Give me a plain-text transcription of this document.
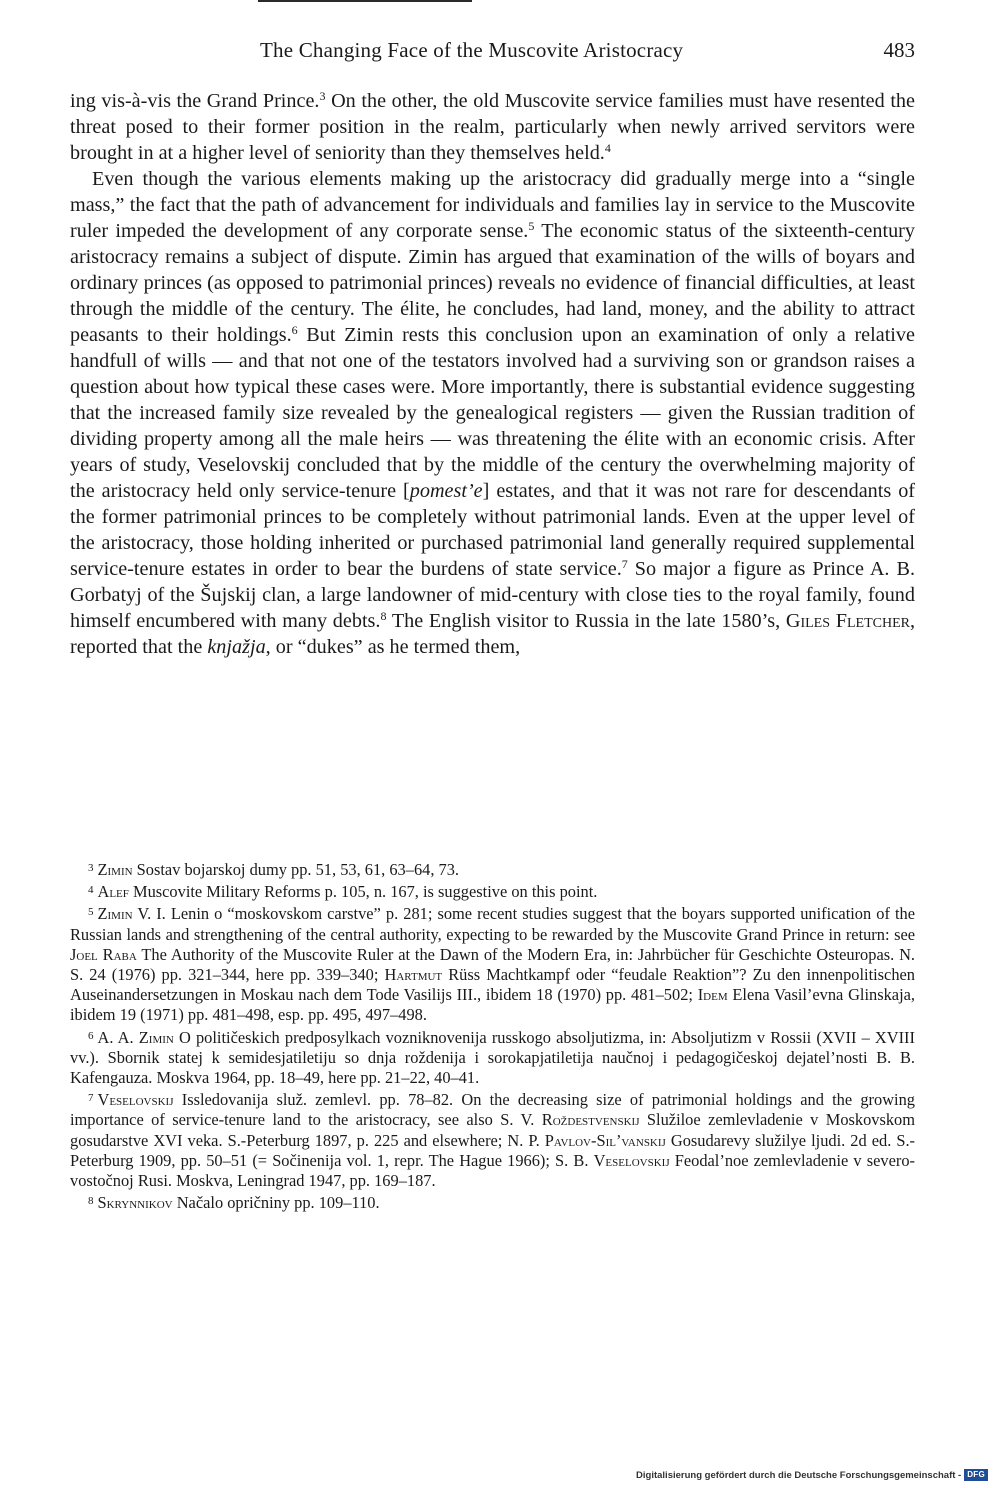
The Changing Face of the Muscovite Aristocracy	483

ing vis-à-vis the Grand Prince.$^3$ On the other, the old Muscovite service families must have resented the threat posed to their former position in the realm, particularly when newly arrived servitors were brought in at a higher level of seniority than they themselves held.$^4$

Even though the various elements making up the aristocracy did gradually merge into a “single mass,” the fact that the path of advancement for individuals and families lay in service to the Muscovite ruler impeded the development of any corporate sense.$^5$ The economic status of the sixteenth-century aristocracy remains a subject of dispute. Zimin has argued that examination of the wills of boyars and ordinary princes (as opposed to patrimonial princes) reveals no evidence of financial difficulties, at least through the middle of the century. The élite, he concludes, had land, money, and the ability to attract peasants to their holdings.$^6$ But Zimin rests this conclusion upon an examination of only a relative handfull of wills — and that not one of the testators involved had a surviving son or grandson raises a question about how typical these cases were. More importantly, there is substantial evidence suggesting that the increased family size revealed by the genealogical registers — given the Russian tradition of dividing property among all the male heirs — was threatening the élite with an economic crisis. After years of study, Veselovskij concluded that by the middle of the century the overwhelming majority of the aristocracy held only service-tenure [pomest’e] estates, and that it was not rare for descendants of the former patrimonial princes to be completely without patrimonial lands. Even at the upper level of the aristocracy, those holding inherited or purchased patrimonial land generally required supplemental service-tenure estates in order to bear the burdens of state service.$^7$ So major a figure as Prince A. B. Gorbatyj of the Šujskij clan, a large landowner of mid-century with close ties to the royal family, found himself encumbered with many debts.$^8$ The English visitor to Russia in the late 1580’s, Giles Fletcher, reported that the knjažja, or “dukes” as he termed them,

$^3$ Zimin Sostav bojarskoj dumy pp. 51, 53, 61, 63–64, 73.

$^4$ Alef Muscovite Military Reforms p. 105, n. 167, is suggestive on this point.

$^5$ Zimin V. I. Lenin o “moskovskom carstve” p. 281; some recent studies suggest that the boyars supported unification of the Russian lands and strengthening of the central authority, expecting to be rewarded by the Muscovite Grand Prince in return: see Joel Raba The Authority of the Muscovite Ruler at the Dawn of the Modern Era, in: Jahrbücher für Geschichte Osteuropas. N. S. 24 (1976) pp. 321–344, here pp. 339–340; Hartmut Rüss Machtkampf oder “feudale Reaktion”? Zu den innenpolitischen Auseinandersetzungen in Moskau nach dem Tode Vasilijs III., ibidem 18 (1970) pp. 481–502; Idem Elena Vasil’evna Glinskaja, ibidem 19 (1971) pp. 481–498, esp. pp. 495, 497–498.

$^6$ A. A. Zimin O političeskich predposylkach vozniknovenija russkogo absoljutizma, in: Absoljutizm v Rossii (XVII – XVIII vv.). Sbornik statej k semidesjatiletiju so dnja roždenija i sorokapjatiletija naučnoj i pedagogičeskoj dejatel’nosti B. B. Kafengauza. Moskva 1964, pp. 18–49, here pp. 21–22, 40–41.

$^7$ Veselovskij Issledovanija služ. zemlevl. pp. 78–82. On the decreasing size of patrimonial holdings and the growing importance of service-tenure land to the aristocracy, see also S. V. Roždestvenskij Služiloe zemlevladenie v Moskovskom gosudarstve XVI veka. S.-Peterburg 1897, p. 225 and elsewhere; N. P. Pavlov-Sil’vanskij Gosudarevy služilye ljudi. 2d ed. S.-Peterburg 1909, pp. 50–51 (= Sočinenija vol. 1, repr. The Hague 1966); S. B. Veselovskij Feodal’noe zemlevladenie v severo-vostočnoj Rusi. Moskva, Leningrad 1947, pp. 169–187.

$^8$ Skrynnikov Načalo opričniny pp. 109–110.

Digitalisierung gefördert durch die Deutsche Forschungsgemeinschaft - DFG
